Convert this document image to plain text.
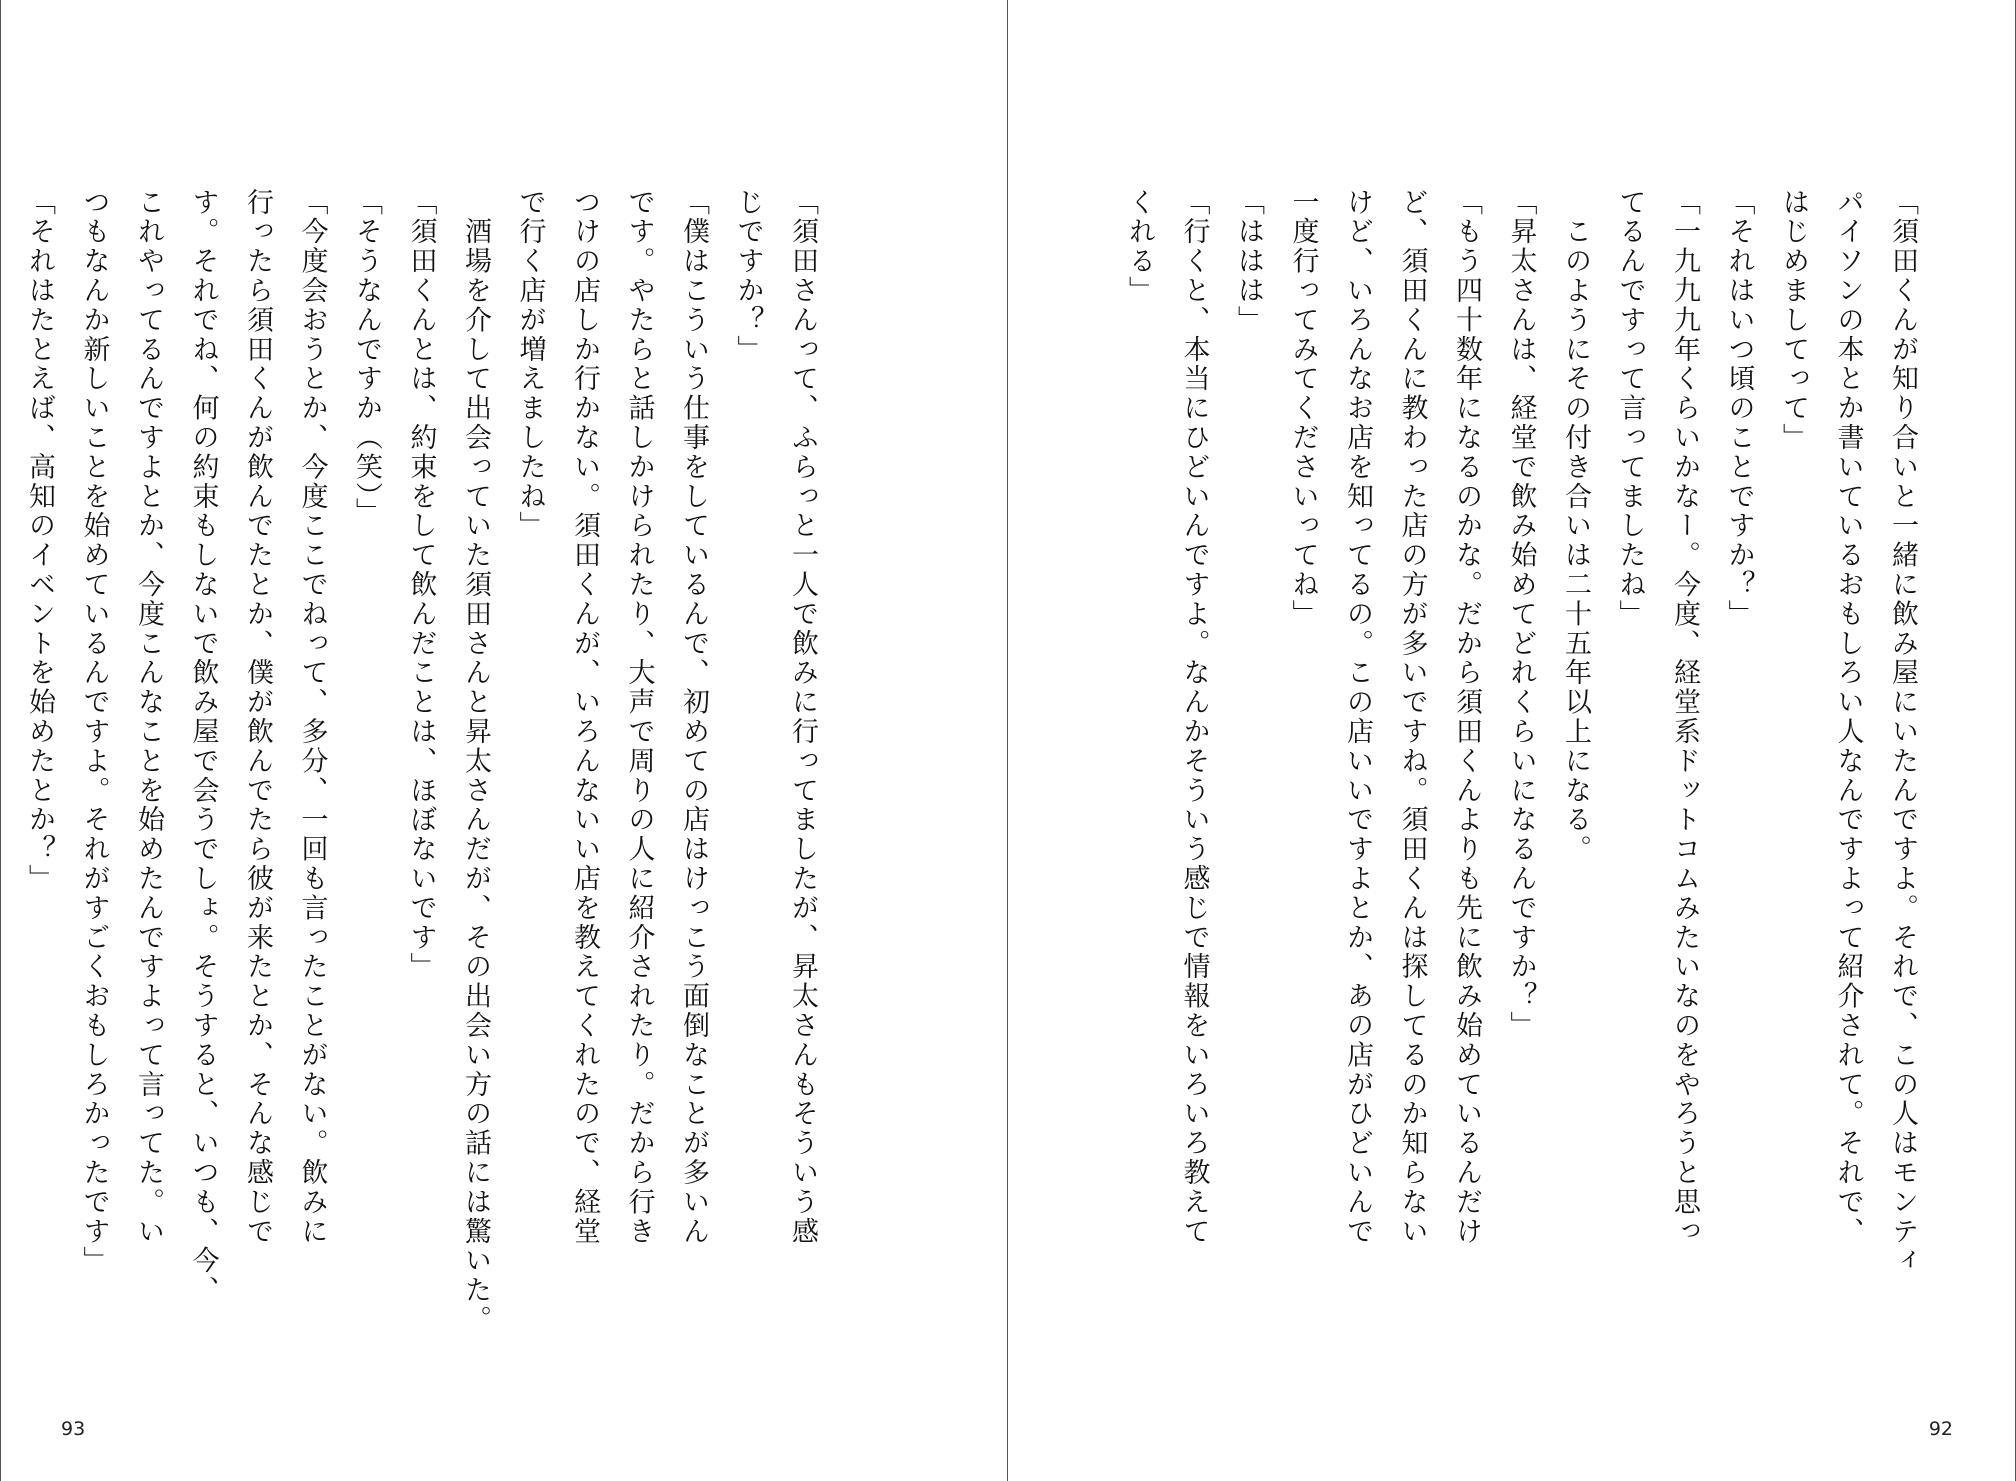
「須田さんって、ふらっと一人で飲みに行ってましたが、昇太さんもそういう感
じですか？」
「僕はこういう仕事をしているんで、初めての店はけっこう面倒なことが多いん
です。やたらと話しかけられたり、大声で周りの人に紹介されたり。だから行き
つけの店しか行かない。須田くんが、いろんないい店を教えてくれたので、経堂
で行く店が増えましたね」
　酒場を介して出会っていた須田さんと昇太さんだが、その出会い方の話には驚いた。
「須田くんとは、約束をして飲んだことは、ほぼないです」
「そうなんですか（笑）」
「今度会おうとか、今度ここでねって、多分、一回も言ったことがない。飲みに
行ったら須田くんが飲んでたとか、僕が飲んでたら彼が来たとか、そんな感じで
す。それでね、何の約束もしないで飲み屋で会うでしょ。そうすると、いつも、今、
これやってるんですよとか、今度こんなことを始めたんですよって言ってた。い
つもなんか新しいことを始めているんですよ。それがすごくおもしろかったです」
「それはたとえば、高知のイベントを始めたとか？」
93
「須田くんが知り合いと一緒に飲み屋にいたんですよ。それで、この人はモンティ
パイソンの本とか書いているおもしろい人なんですよって紹介されて。それで、
はじめましてって」
「それはいつ頃のことですか？」
「一九九九年くらいかなー。今度、経堂系ドットコムみたいなのをやろうと思っ
てるんですって言ってましたね」
　このようにその付き合いは二十五年以上になる。
「昇太さんは、経堂で飲み始めてどれくらいになるんですか？」
「もう四十数年になるのかな。だから須田くんよりも先に飲み始めているんだけ
ど、須田くんに教わった店の方が多いですね。須田くんは探してるのか知らない
けど、いろんなお店を知ってるの。この店いいですよとか、あの店がひどいんで
一度行ってみてくださいってね」
「ははは」
「行くと、本当にひどいんですよ。なんかそういう感じで情報をいろいろ教えて
くれる」
92
